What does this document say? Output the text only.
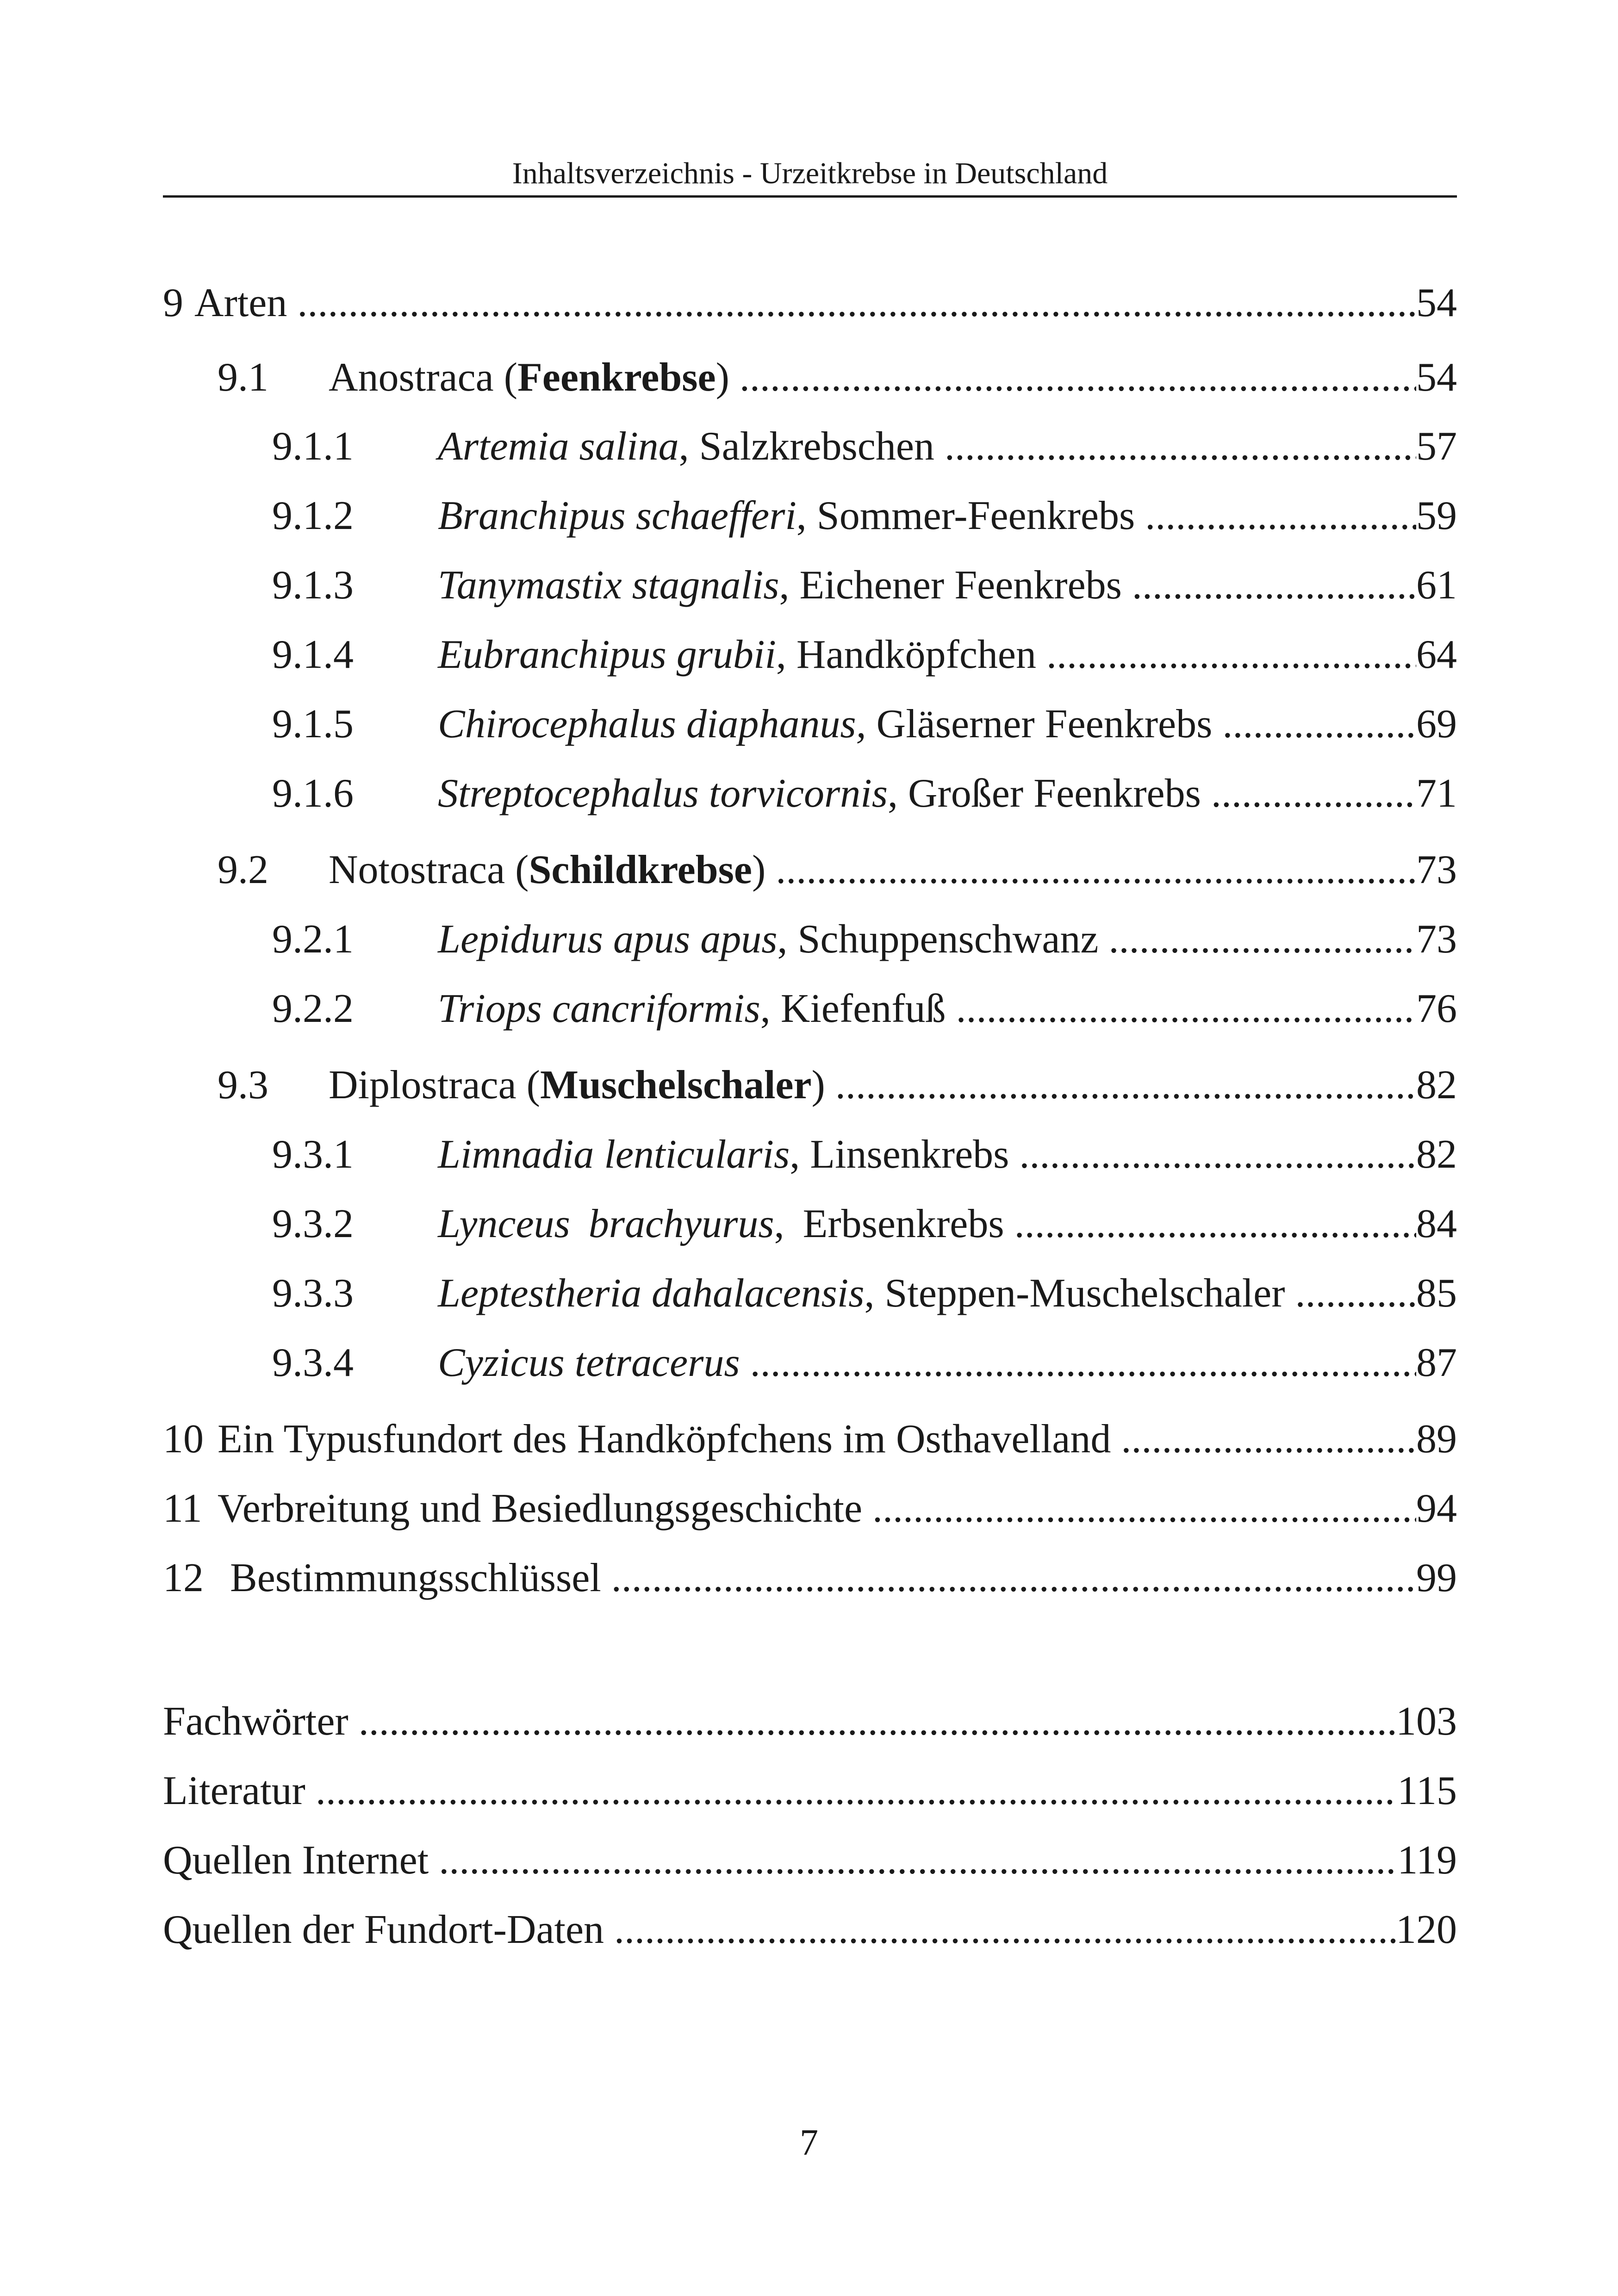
Inhaltsverzeichnis - Urzeitkrebse in Deutschland
9 Arten .....	54
9.1	Anostraca (Feenkrebse) .....	54
9.1.1	Artemia salina, Salzkrebschen .....	57
9.1.2	Branchipus schaefferi, Sommer-Feenkrebs .....	59
9.1.3	Tanymastix stagnalis, Eichener Feenkrebs .....	61
9.1.4	Eubranchipus grubii, Handköpfchen .....	64
9.1.5	Chirocephalus diaphanus, Gläserner Feenkrebs .....	69
9.1.6	Streptocephalus torvicornis, Großer Feenkrebs .....	71
9.2	Notostraca (Schildkrebse) .....	73
9.2.1	Lepidurus apus apus, Schuppenschwanz .....	73
9.2.2	Triops cancriformis, Kiefenfuß .....	76
9.3	Diplostraca (Muschelschaler) .....	82
9.3.1	Limnadia lenticularis, Linsenkrebs .....	82
9.3.2	Lynceus brachyurus, Erbsenkrebs .....	84
9.3.3	Leptestheria dahalacensis, Steppen-Muschelschaler .....	85
9.3.4	Cyzicus tetracerus .....	87
10 Ein Typusfundort des Handköpfchens im Osthavelland .....	89
11 Verbreitung und Besiedlungsgeschichte .....	94
12 Bestimmungsschlüssel .....	99
Fachwörter .....	103
Literatur .....	115
Quellen Internet .....	119
Quellen der Fundort-Daten .....	120
7
